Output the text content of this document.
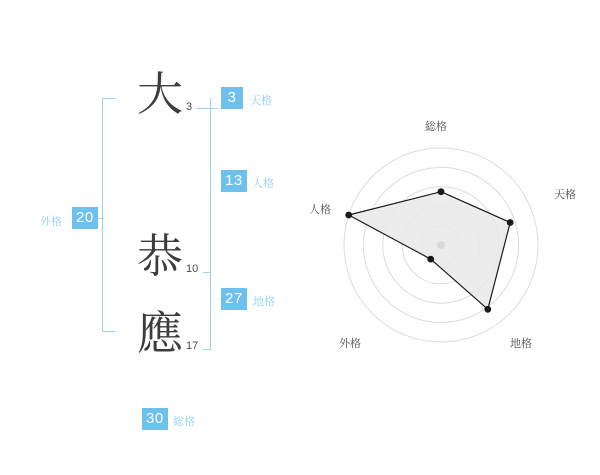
大 3
恭 10
應 17
3	天格
13 人格
27 地格
20
外格
30 総格
総格
天格
地格
外格
人格
